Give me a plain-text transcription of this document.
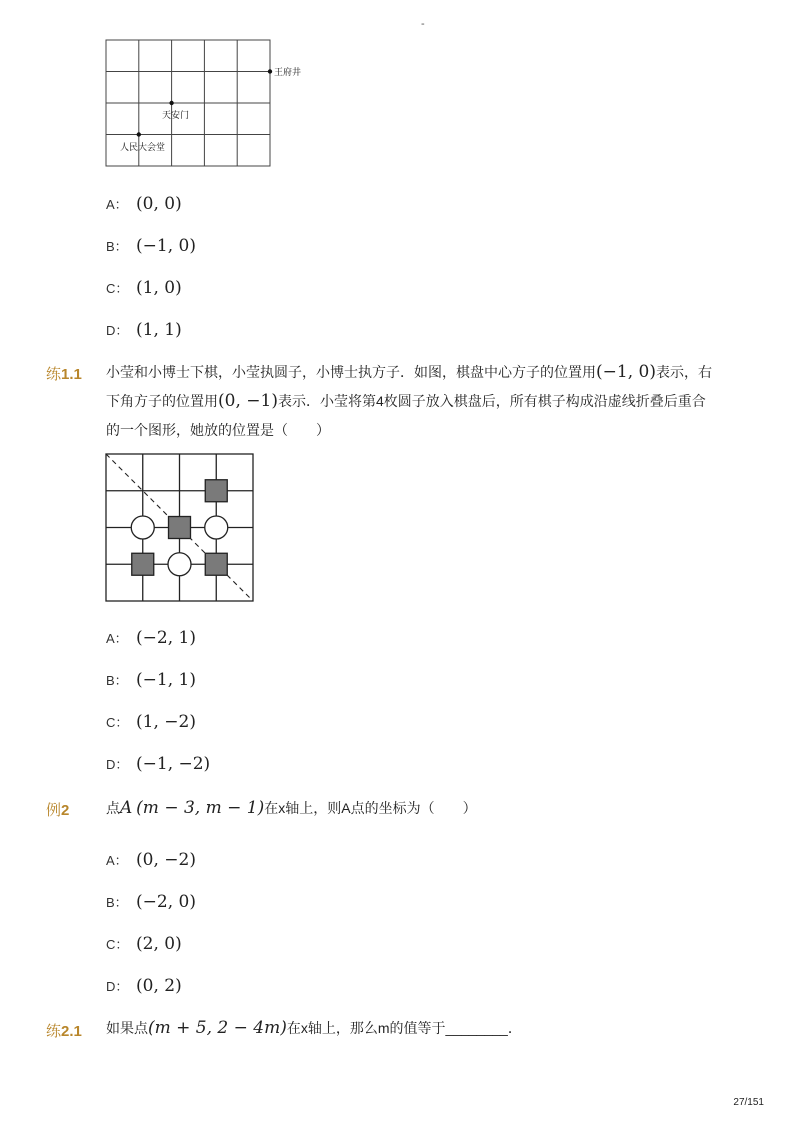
-
王府井
天安门
人民大会堂
A： (0, 0)
B： (−1, 0)
C： (1, 0)
D： (1, 1)
练1.1 小莹和小博士下棋，小莹执圆子，小博士执方子．如图，棋盘中心方子的位置用(−1, 0)表示，右
下角方子的位置用(0, −1)表示．小莹将第4枚圆子放入棋盘后，所有棋子构成沿虚线折叠后重合
的一个图形，她放的位置是（　　）
A： (−2, 1)
B： (−1, 1)
C： (1, −2)
D： (−1, −2)
例2	点A (m − 3, m − 1)在x轴上，则A点的坐标为（　　）
A： (0, −2)
B： (−2, 0)
C： (2, 0)
D： (0, 2)
练2.1 如果点(m + 5, 2 − 4m)在x轴上，那么m的值等于________．
27/151
